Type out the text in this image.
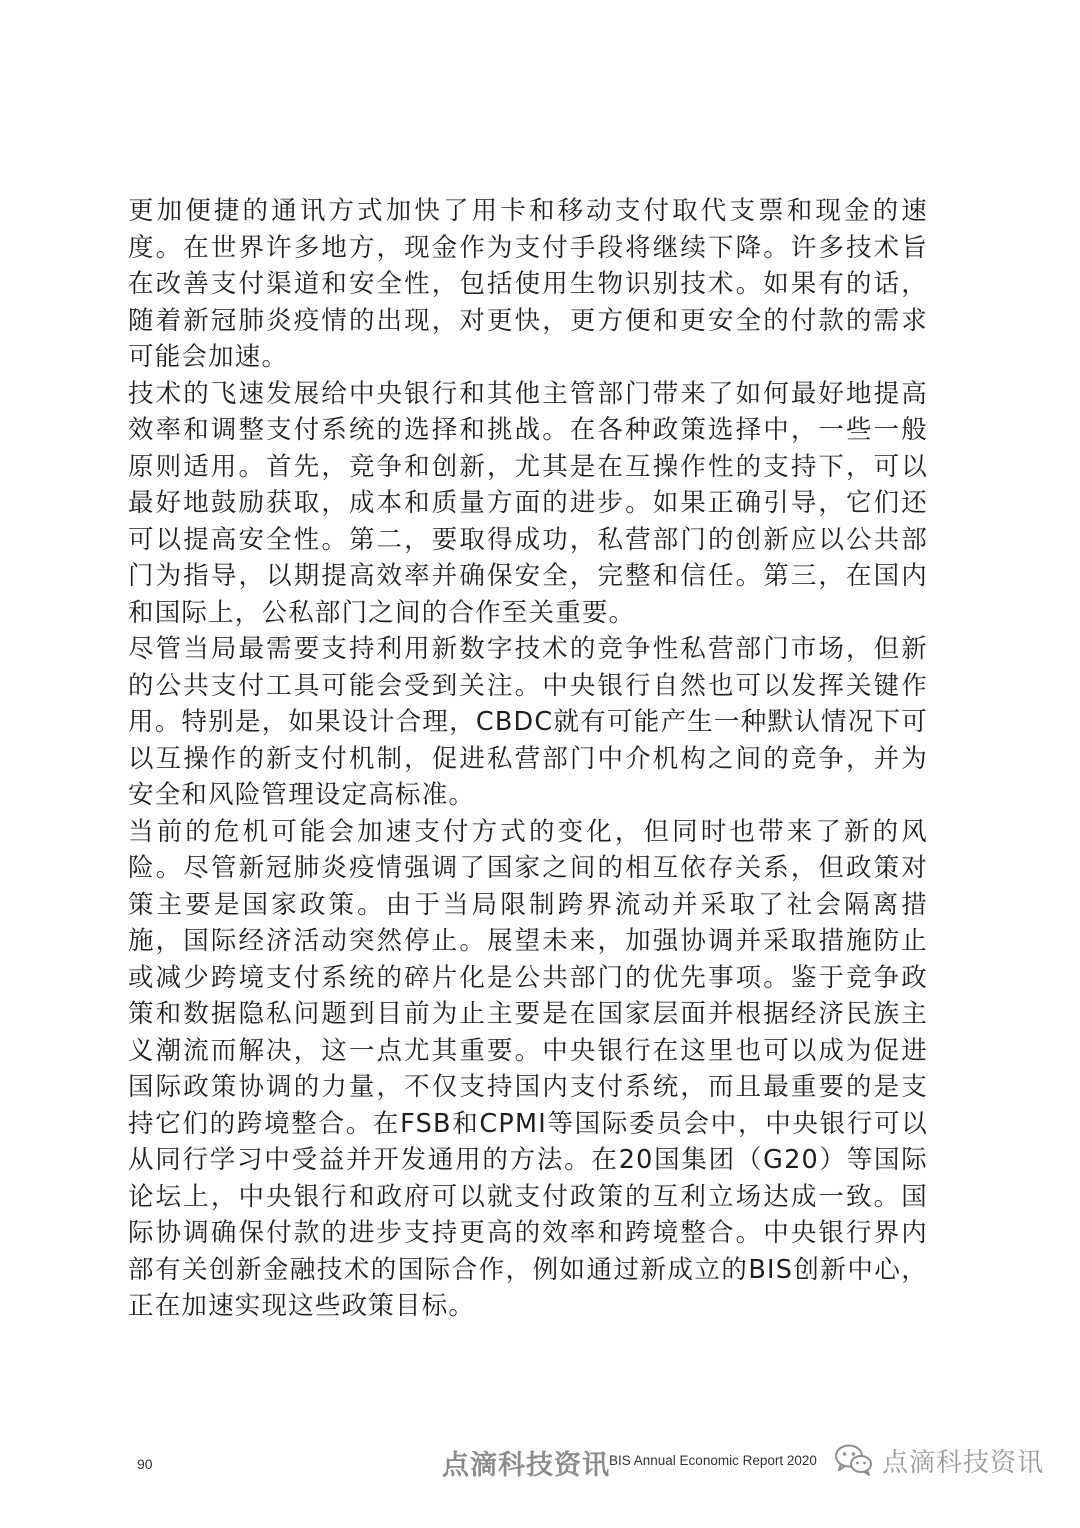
更加便捷的通讯方式加快了用卡和移动支付取代支票和现金的速度。在世界许多地方，现金作为支付手段将继续下降。许多技术旨在改善支付渠道和安全性，包括使用生物识别技术。如果有的话，随着新冠肺炎疫情的出现，对更快，更方便和更安全的付款的需求可能会加速。

技术的飞速发展给中央银行和其他主管部门带来了如何最好地提高效率和调整支付系统的选择和挑战。在各种政策选择中，一些一般原则适用。首先，竞争和创新，尤其是在互操作性的支持下，可以最好地鼓励获取，成本和质量方面的进步。如果正确引导，它们还可以提高安全性。第二，要取得成功，私营部门的创新应以公共部门为指导，以期提高效率并确保安全，完整和信任。第三，在国内和国际上，公私部门之间的合作至关重要。

尽管当局最需要支持利用新数字技术的竞争性私营部门市场，但新的公共支付工具可能会受到关注。中央银行自然也可以发挥关键作用。特别是，如果设计合理，CBDC就有可能产生一种默认情况下可以互操作的新支付机制，促进私营部门中介机构之间的竞争，并为安全和风险管理设定高标准。

当前的危机可能会加速支付方式的变化，但同时也带来了新的风险。尽管新冠肺炎疫情强调了国家之间的相互依存关系，但政策对策主要是国家政策。由于当局限制跨界流动并采取了社会隔离措施，国际经济活动突然停止。展望未来，加强协调并采取措施防止或减少跨境支付系统的碎片化是公共部门的优先事项。鉴于竞争政策和数据隐私问题到目前为止主要是在国家层面并根据经济民族主义潮流而解决，这一点尤其重要。中央银行在这里也可以成为促进国际政策协调的力量，不仅支持国内支付系统，而且最重要的是支持它们的跨境整合。在FSB和CPMI等国际委员会中，中央银行可以从同行学习中受益并开发通用的方法。在20国集团（G20）等国际论坛上，中央银行和政府可以就支付政策的互利立场达成一致。国际协调确保付款的进步支持更高的效率和跨境整合。中央银行界内部有关创新金融技术的国际合作，例如通过新成立的BIS创新中心，正在加速实现这些政策目标。

90	点滴科技资讯 BIS Annual Economic Report 2020	点滴科技资讯
